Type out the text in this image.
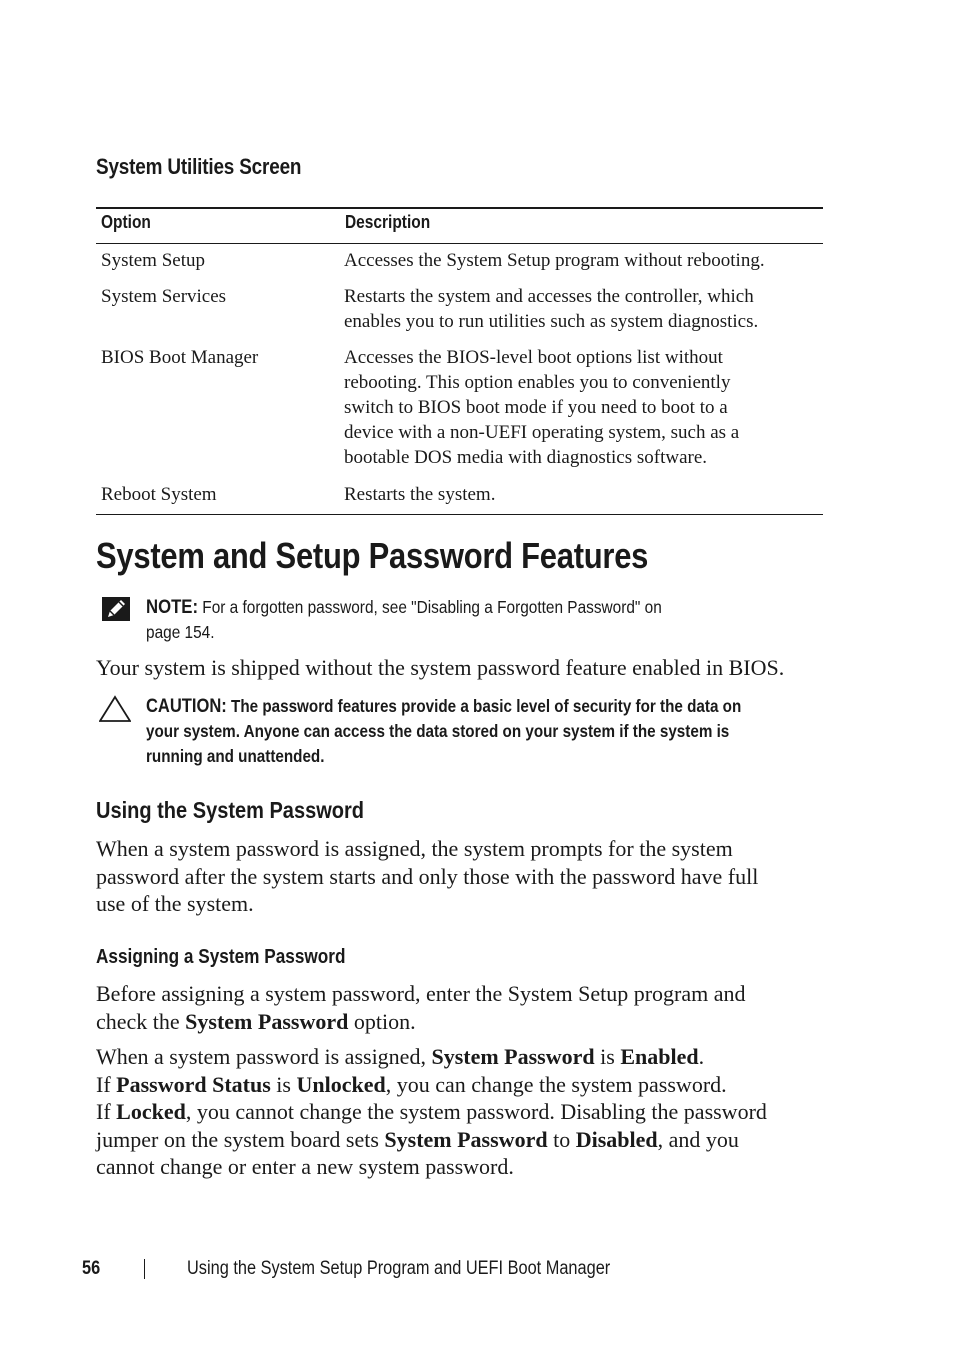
System Utilities Screen
Option	Description
System Setup	Accesses the System Setup program without rebooting.
System Services	Restarts the system and accesses the controller, which
enables you to run utilities such as system diagnostics.
BIOS Boot Manager	Accesses the BIOS-level boot options list without
rebooting. This option enables you to conveniently
switch to BIOS boot mode if you need to boot to a
device with a non-UEFI operating system, such as a
bootable DOS media with diagnostics software.
Reboot System	Restarts the system.
System and Setup Password Features
NOTE: For a forgotten password, see "Disabling a Forgotten Password" on
page 154.
Your system is shipped without the system password feature enabled in BIOS.
CAUTION: The password features provide a basic level of security for the data on
your system. Anyone can access the data stored on your system if the system is
running and unattended.
Using the System Password
When a system password is assigned, the system prompts for the system
password after the system starts and only those with the password have full
use of the system.
Assigning a System Password
Before assigning a system password, enter the System Setup program and
check the System Password option.
When a system password is assigned, System Password is Enabled.
If Password Status is Unlocked, you can change the system password.
If Locked, you cannot change the system password. Disabling the password
jumper on the system board sets System Password to Disabled, and you
cannot change or enter a new system password.
56	Using the System Setup Program and UEFI Boot Manager
